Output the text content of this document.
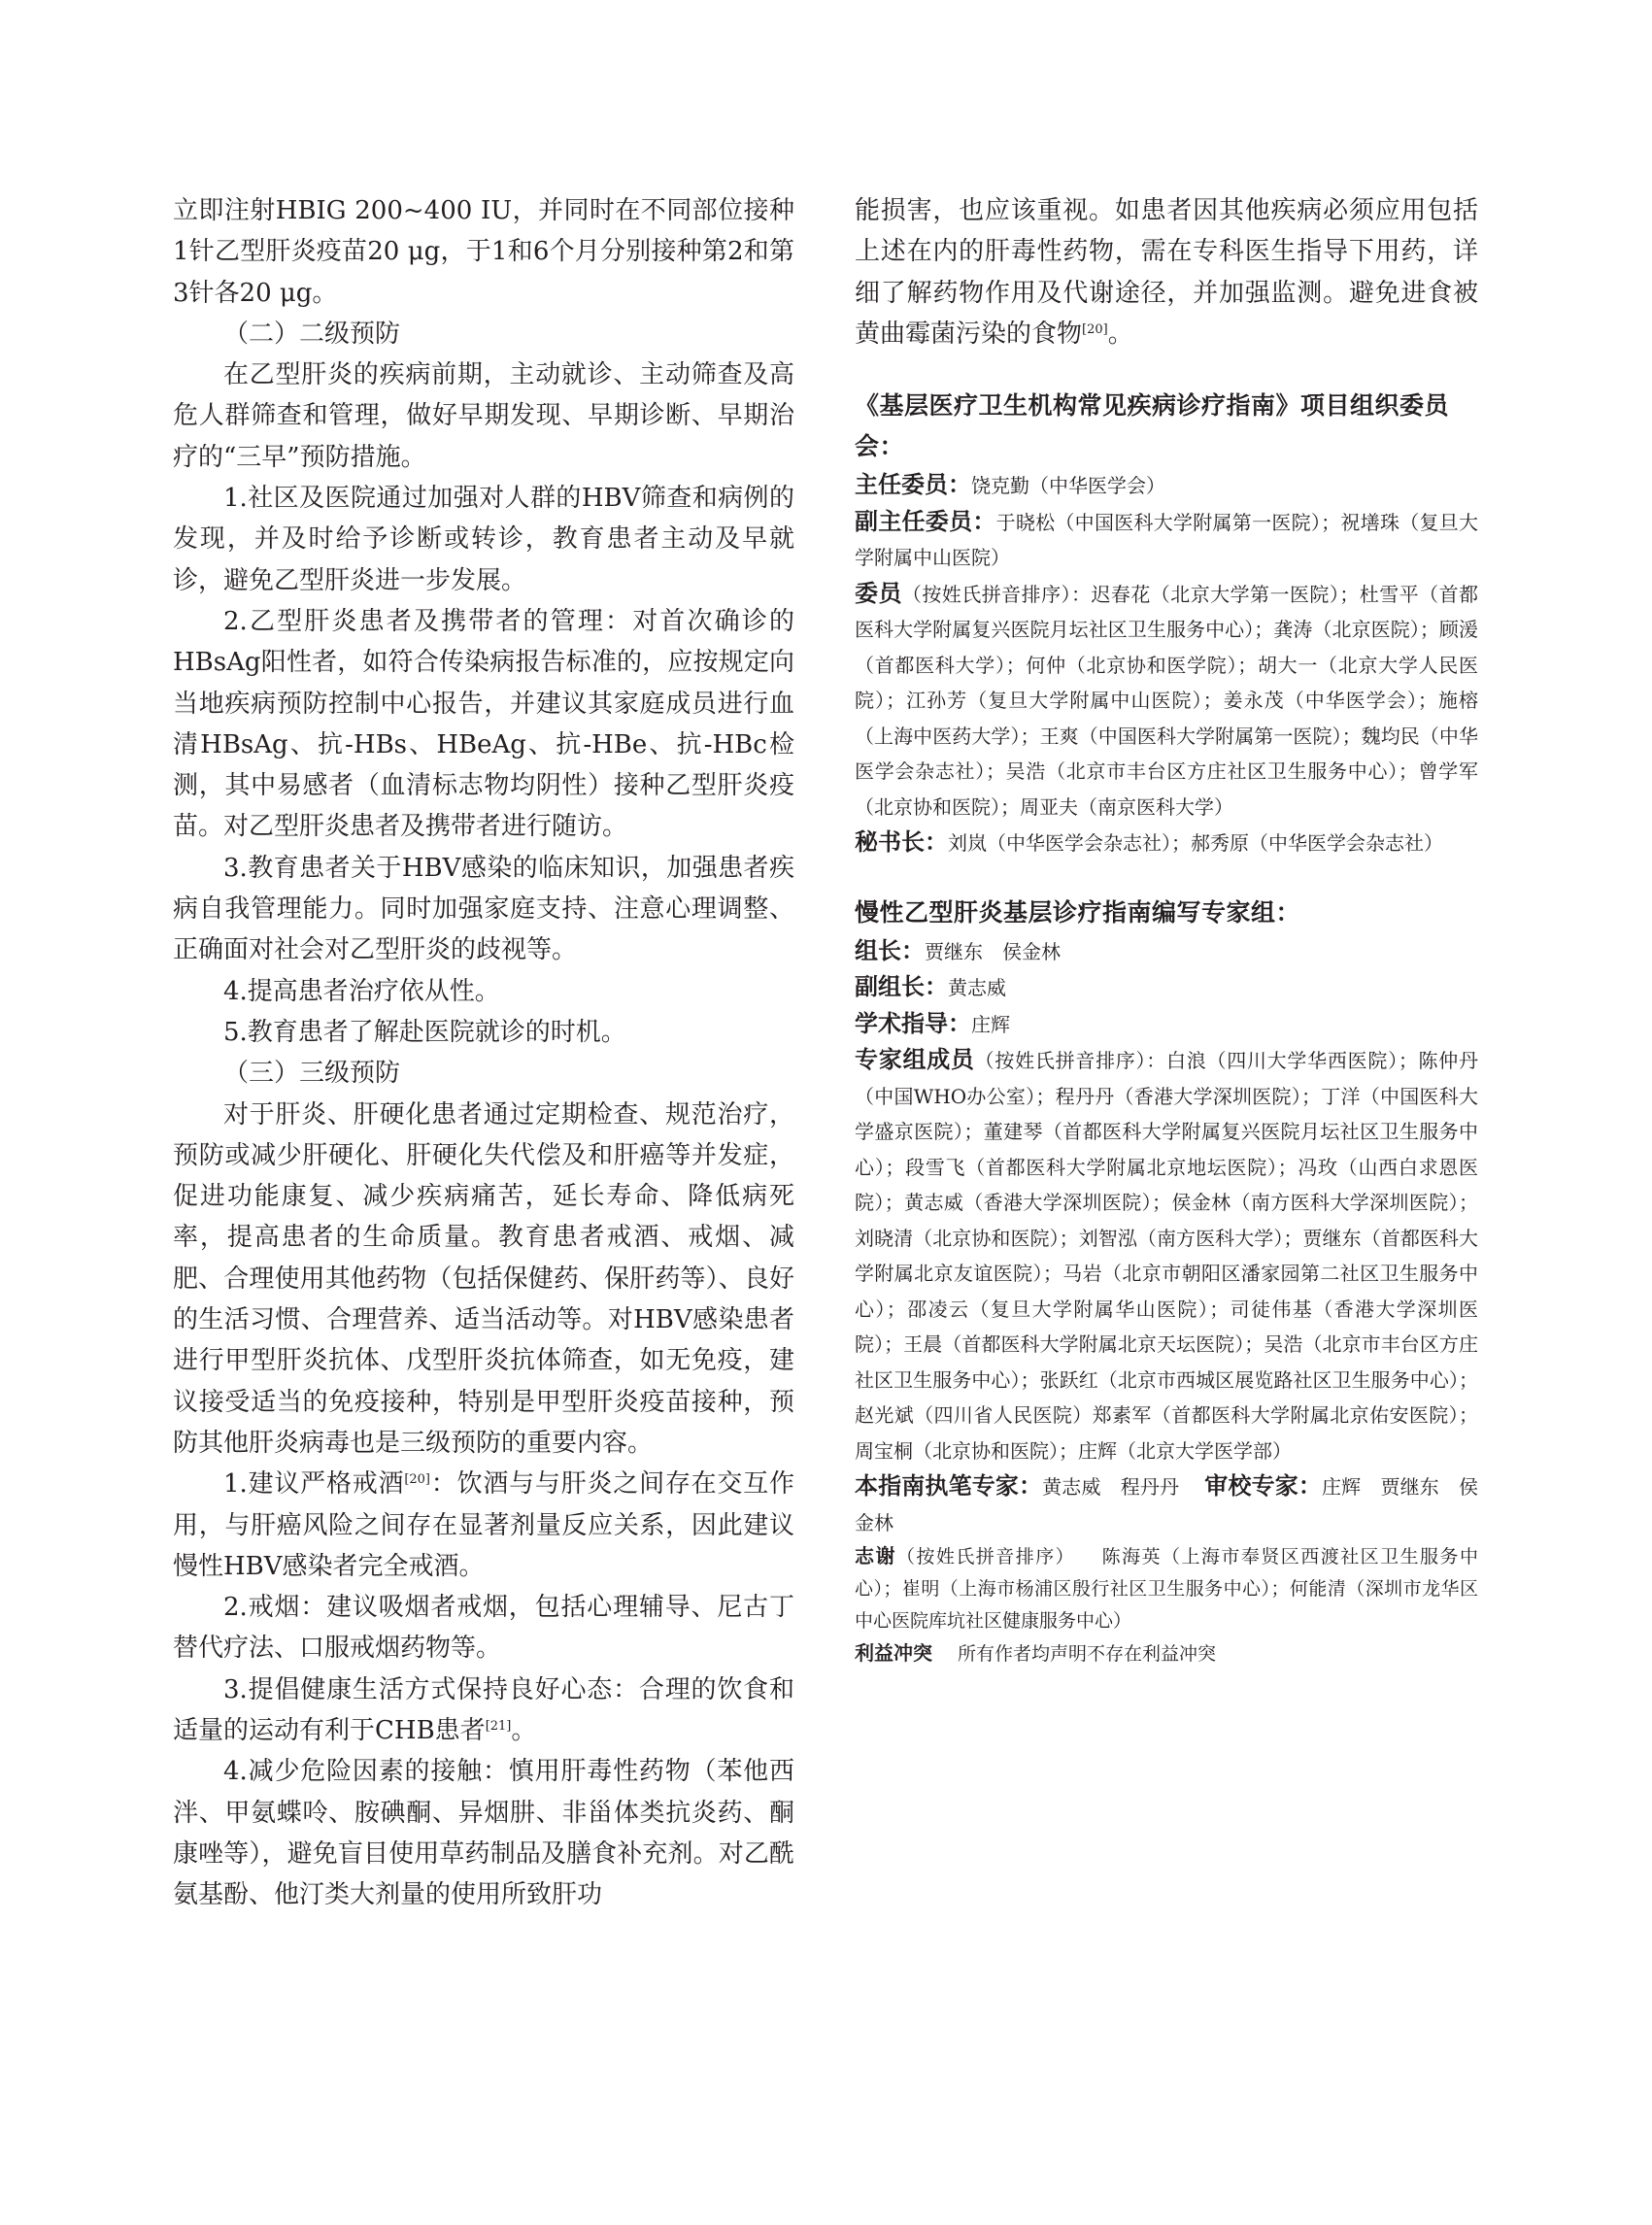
立即注射HBIG 200~400 IU，并同时在不同部位接种1针乙型肝炎疫苗20 μg，于1和6个月分别接种第2和第3针各20 μg。

（二）二级预防

在乙型肝炎的疾病前期，主动就诊、主动筛查及高危人群筛查和管理，做好早期发现、早期诊断、早期治疗的“三早”预防措施。

1.社区及医院通过加强对人群的HBV筛查和病例的发现，并及时给予诊断或转诊，教育患者主动及早就诊，避免乙型肝炎进一步发展。

2.乙型肝炎患者及携带者的管理：对首次确诊的HBsAg阳性者，如符合传染病报告标准的，应按规定向当地疾病预防控制中心报告，并建议其家庭成员进行血清HBsAg、抗-HBs、HBeAg、抗-HBe、抗-HBc检测，其中易感者（血清标志物均阴性）接种乙型肝炎疫苗。对乙型肝炎患者及携带者进行随访。

3.教育患者关于HBV感染的临床知识，加强患者疾病自我管理能力。同时加强家庭支持、注意心理调整、正确面对社会对乙型肝炎的歧视等。

4.提高患者治疗依从性。

5.教育患者了解赴医院就诊的时机。

（三）三级预防

对于肝炎、肝硬化患者通过定期检查、规范治疗，预防或减少肝硬化、肝硬化失代偿及和肝癌等并发症，促进功能康复、减少疾病痛苦，延长寿命、降低病死率，提高患者的生命质量。教育患者戒酒、戒烟、减肥、合理使用其他药物（包括保健药、保肝药等）、良好的生活习惯、合理营养、适当活动等。对HBV感染患者进行甲型肝炎抗体、戊型肝炎抗体筛查，如无免疫，建议接受适当的免疫接种，特别是甲型肝炎疫苗接种，预防其他肝炎病毒也是三级预防的重要内容。

1.建议严格戒酒[20]：饮酒与与肝炎之间存在交互作用，与肝癌风险之间存在显著剂量反应关系，因此建议慢性HBV感染者完全戒酒。

2.戒烟：建议吸烟者戒烟，包括心理辅导、尼古丁替代疗法、口服戒烟药物等。

3.提倡健康生活方式保持良好心态：合理的饮食和适量的运动有利于CHB患者[21]。

4.减少危险因素的接触：慎用肝毒性药物（苯他西泮、甲氨蝶呤、胺碘酮、异烟肼、非甾体类抗炎药、酮康唑等），避免盲目使用草药制品及膳食补充剂。对乙酰氨基酚、他汀类大剂量的使用所致肝功

能损害，也应该重视。如患者因其他疾病必须应用包括上述在内的肝毒性药物，需在专科医生指导下用药，详细了解药物作用及代谢途径，并加强监测。避免进食被黄曲霉菌污染的食物[20]。

《基层医疗卫生机构常见疾病诊疗指南》项目组织委员会：

主任委员：饶克勤（中华医学会）

副主任委员：于晓松（中国医科大学附属第一医院）；祝墡珠（复旦大学附属中山医院）

委员（按姓氏拼音排序）：迟春花（北京大学第一医院）；杜雪平（首都医科大学附属复兴医院月坛社区卫生服务中心）；龚涛（北京医院）；顾湲（首都医科大学）；何仲（北京协和医学院）；胡大一（北京大学人民医院）；江孙芳（复旦大学附属中山医院）；姜永茂（中华医学会）；施榕（上海中医药大学）；王爽（中国医科大学附属第一医院）；魏均民（中华医学会杂志社）；吴浩（北京市丰台区方庄社区卫生服务中心）；曾学军（北京协和医院）；周亚夫（南京医科大学）

秘书长：刘岚（中华医学会杂志社）；郝秀原（中华医学会杂志社）

慢性乙型肝炎基层诊疗指南编写专家组：

组长：贾继东　侯金林

副组长：黄志威

学术指导：庄辉

专家组成员（按姓氏拼音排序）：白浪（四川大学华西医院）；陈仲丹（中国WHO办公室）；程丹丹（香港大学深圳医院）；丁洋（中国医科大学盛京医院）；董建琴（首都医科大学附属复兴医院月坛社区卫生服务中心）；段雪飞（首都医科大学附属北京地坛医院）；冯玫（山西白求恩医院）；黄志威（香港大学深圳医院）；侯金林（南方医科大学深圳医院）；刘晓清（北京协和医院）；刘智泓（南方医科大学）；贾继东（首都医科大学附属北京友谊医院）；马岩（北京市朝阳区潘家园第二社区卫生服务中心）；邵凌云（复旦大学附属华山医院）；司徒伟基（香港大学深圳医院）；王晨（首都医科大学附属北京天坛医院）；吴浩（北京市丰台区方庄社区卫生服务中心）；张跃红（北京市西城区展览路社区卫生服务中心）；赵光斌（四川省人民医院）郑素军（首都医科大学附属北京佑安医院）；周宝桐（北京协和医院）；庄辉（北京大学医学部）

本指南执笔专家：黄志威　程丹丹 审校专家：庄辉　贾继东　侯金林

志谢（按姓氏拼音排序） 陈海英（上海市奉贤区西渡社区卫生服务中心）；崔明（上海市杨浦区殷行社区卫生服务中心）；何能清（深圳市龙华区中心医院库坑社区健康服务中心）

利益冲突 所有作者均声明不存在利益冲突
